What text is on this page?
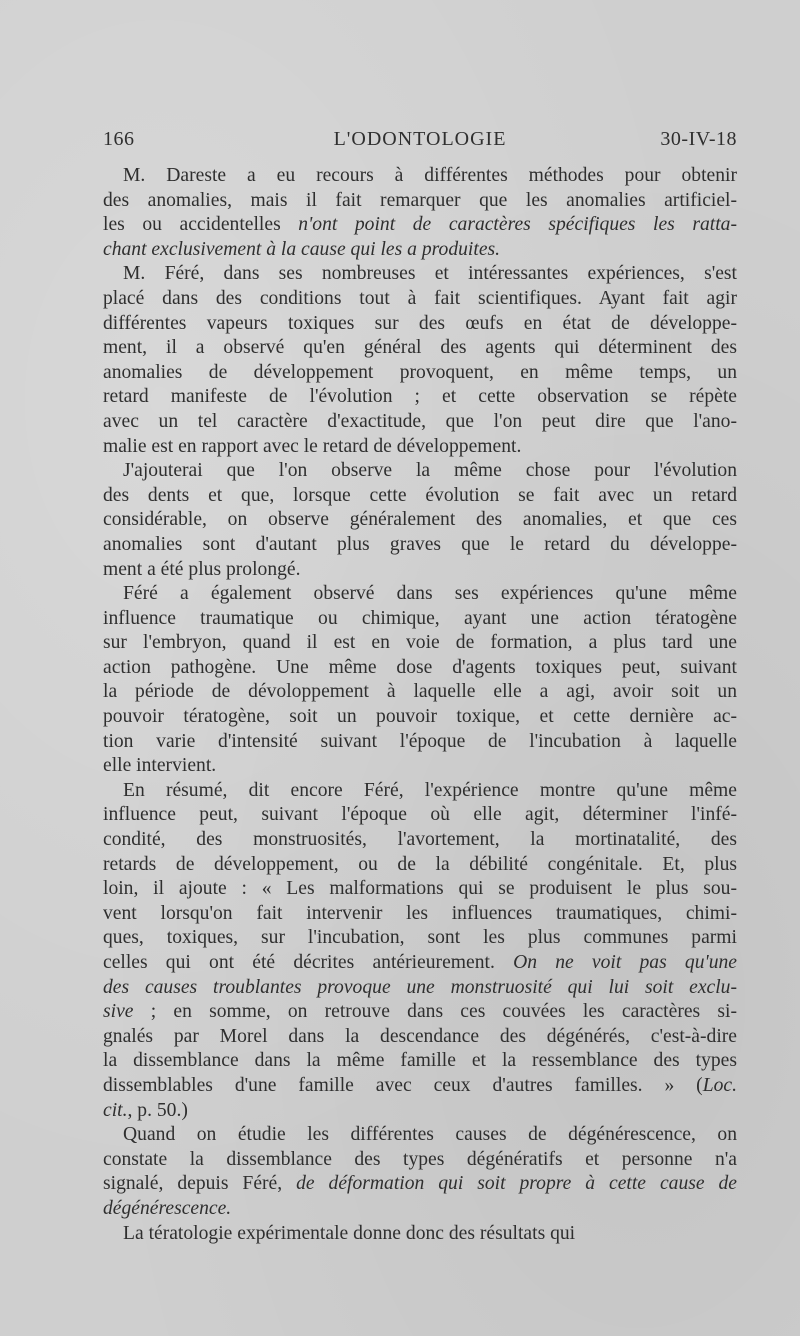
166	L'ODONTOLOGIE	30-IV-18
M. Dareste a eu recours à différentes méthodes pour obtenir
des anomalies, mais il fait remarquer que les anomalies artificiel-
les ou accidentelles n'ont point de caractères spécifiques les ratta-
chant exclusivement à la cause qui les a produites.
M. Féré, dans ses nombreuses et intéressantes expériences, s'est
placé dans des conditions tout à fait scientifiques. Ayant fait agir
différentes vapeurs toxiques sur des œufs en état de développe-
ment, il a observé qu'en général des agents qui déterminent des
anomalies de développement provoquent, en même temps, un
retard manifeste de l'évolution ; et cette observation se répète
avec un tel caractère d'exactitude, que l'on peut dire que l'ano-
malie est en rapport avec le retard de développement.
J'ajouterai que l'on observe la même chose pour l'évolution
des dents et que, lorsque cette évolution se fait avec un retard
considérable, on observe généralement des anomalies, et que ces
anomalies sont d'autant plus graves que le retard du développe-
ment a été plus prolongé.
Féré a également observé dans ses expériences qu'une même
influence traumatique ou chimique, ayant une action tératogène
sur l'embryon, quand il est en voie de formation, a plus tard une
action pathogène. Une même dose d'agents toxiques peut, suivant
la période de dévoloppement à laquelle elle a agi, avoir soit un
pouvoir tératogène, soit un pouvoir toxique, et cette dernière ac-
tion varie d'intensité suivant l'époque de l'incubation à laquelle
elle intervient.
En résumé, dit encore Féré, l'expérience montre qu'une même
influence peut, suivant l'époque où elle agit, déterminer l'infé-
condité, des monstruosités, l'avortement, la mortinatalité, des
retards de développement, ou de la débilité congénitale. Et, plus
loin, il ajoute : « Les malformations qui se produisent le plus sou-
vent lorsqu'on fait intervenir les influences traumatiques, chimi-
ques, toxiques, sur l'incubation, sont les plus communes parmi
celles qui ont été décrites antérieurement. On ne voit pas qu'une
des causes troublantes provoque une monstruosité qui lui soit exclu-
sive ; en somme, on retrouve dans ces couvées les caractères si-
gnalés par Morel dans la descendance des dégénérés, c'est-à-dire
la dissemblance dans la même famille et la ressemblance des types
dissemblables d'une famille avec ceux d'autres familles. » (Loc.
cit., p. 50.)
Quand on étudie les différentes causes de dégénérescence, on
constate la dissemblance des types dégénératifs et personne n'a
signalé, depuis Féré, de déformation qui soit propre à cette cause de
dégénérescence.
La tératologie expérimentale donne donc des résultats qui
